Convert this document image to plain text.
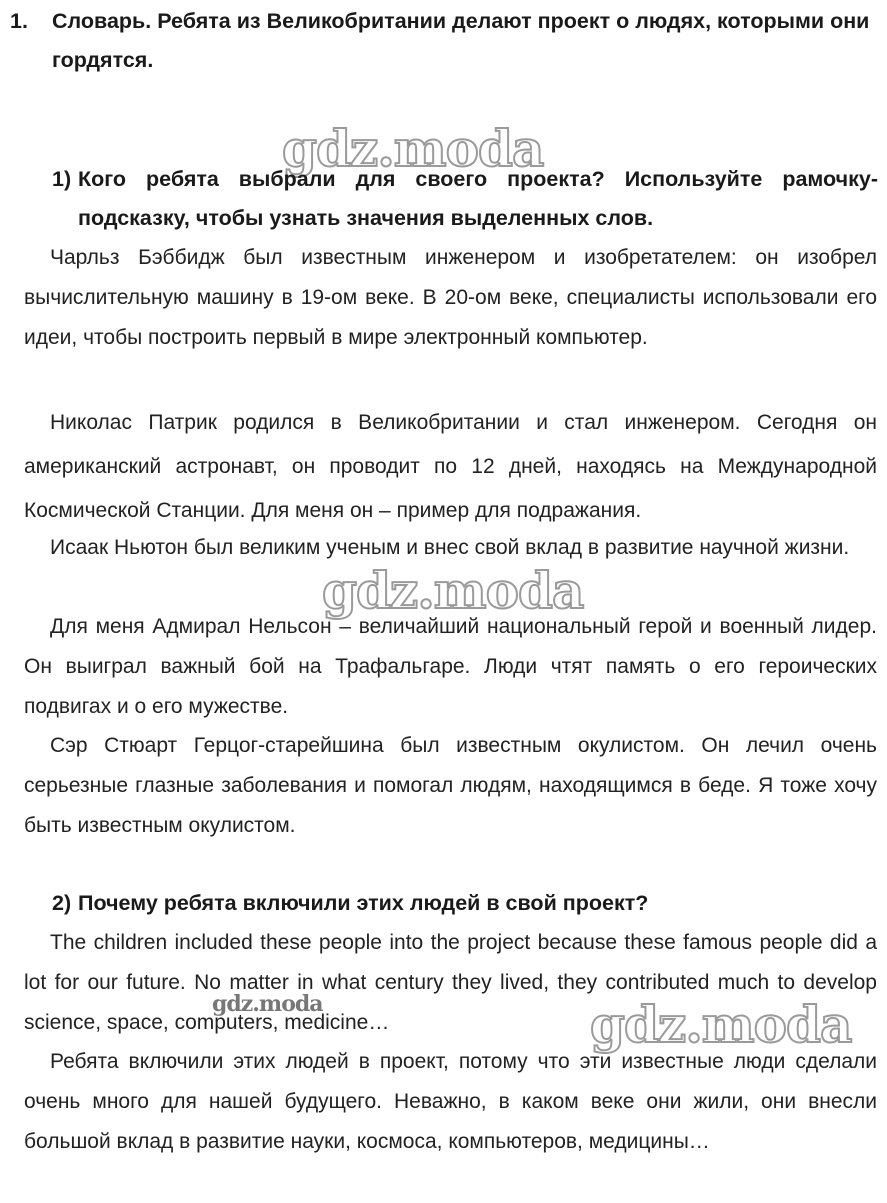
1. Словарь. Ребята из Великобритании делают проект о людях, которыми они гордятся.
gdz.moda
1) Кого ребята выбрали для своего проекта? Используйте рамочку-подсказку, чтобы узнать значения выделенных слов.

Чарльз Бэббидж был известным инженером и изобретателем: он изобрел вычислительную машину в 19-ом веке. В 20-ом веке, специалисты использовали его идеи, чтобы построить первый в мире электронный компьютер.

Николас Патрик родился в Великобритании и стал инженером. Сегодня он американский астронавт, он проводит по 12 дней, находясь на Международной Космической Станции. Для меня он – пример для подражания.

Исаак Ньютон был великим ученым и внес свой вклад в развитие научной жизни.

gdz.moda

Для меня Адмирал Нельсон – величайший национальный герой и военный лидер. Он выиграл важный бой на Трафальгаре. Люди чтят память о его героических подвигах и о его мужестве.

Сэр Стюарт Герцог-старейшина был известным окулистом. Он лечил очень серьезные глазные заболевания и помогал людям, находящимся в беде. Я тоже хочу быть известным окулистом.

2) Почему ребята включили этих людей в свой проект?

The children included these people into the project because these famous people did a lot for our future. No matter in what century they lived, they contributed much to develop science, space, computers, medicine…

gdz.moda	gdz.moda

Ребята включили этих людей в проект, потому что эти известные люди сделали очень много для нашей будущего. Неважно, в каком веке они жили, они внесли большой вклад в развитие науки, космоса, компьютеров, медицины…
